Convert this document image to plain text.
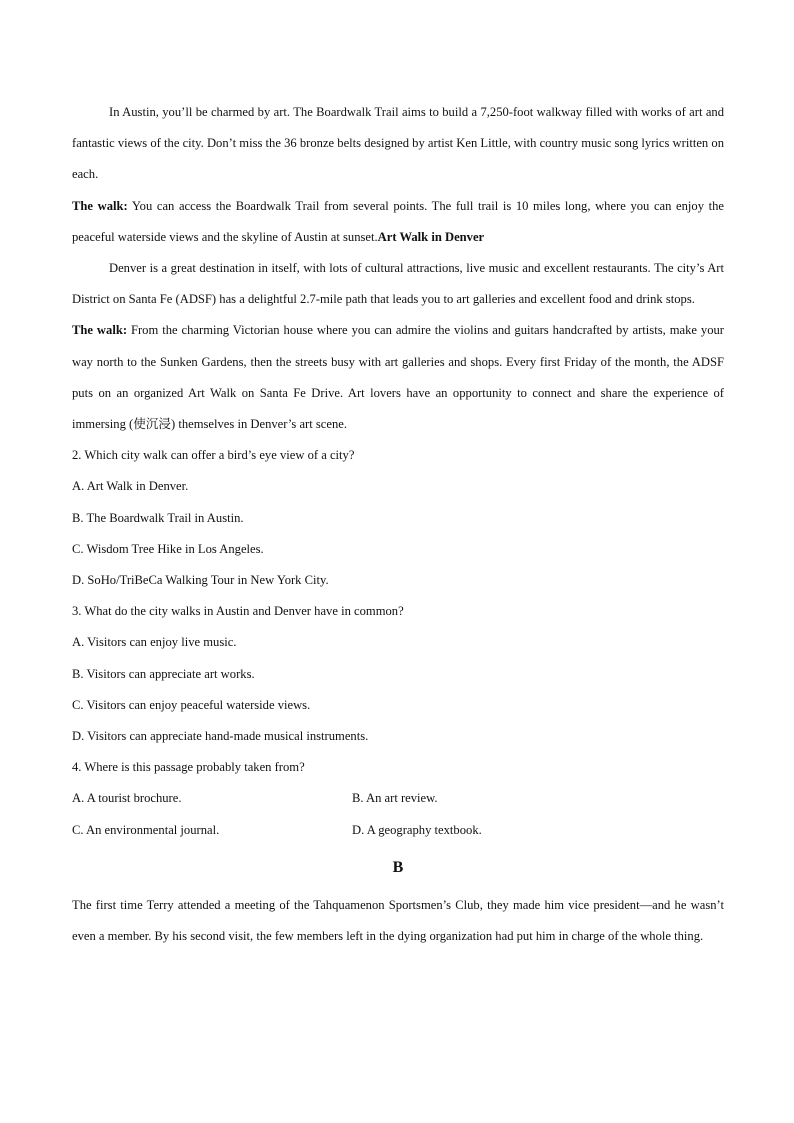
In Austin, you’ll be charmed by art. The Boardwalk Trail aims to build a 7,250-foot walkway filled with works of art and fantastic views of the city. Don’t miss the 36 bronze belts designed by artist Ken Little, with country music song lyrics written on each.

The walk: You can access the Boardwalk Trail from several points. The full trail is 10 miles long, where you can enjoy the peaceful waterside views and the skyline of Austin at sunset.Art Walk in Denver

Denver is a great destination in itself, with lots of cultural attractions, live music and excellent restaurants. The city’s Art District on Santa Fe (ADSF) has a delightful 2.7-mile path that leads you to art galleries and excellent food and drink stops.

The walk: From the charming Victorian house where you can admire the violins and guitars handcrafted by artists, make your way north to the Sunken Gardens, then the streets busy with art galleries and shops. Every first Friday of the month, the ADSF puts on an organized Art Walk on Santa Fe Drive. Art lovers have an opportunity to connect and share the experience of immersing (使沉浸) themselves in Denver’s art scene.

2. Which city walk can offer a bird’s eye view of a city?

A. Art Walk in Denver.

B. The Boardwalk Trail in Austin.

C. Wisdom Tree Hike in Los Angeles.

D. SoHo/TriBeCa Walking Tour in New York City.

3. What do the city walks in Austin and Denver have in common?

A. Visitors can enjoy live music.

B. Visitors can appreciate art works.

C. Visitors can enjoy peaceful waterside views.

D. Visitors can appreciate hand-made musical instruments.

4. Where is this passage probably taken from?

A. A tourist brochure.	B. An art review.
C. An environmental journal.	D. A geography textbook.

B

The first time Terry attended a meeting of the Tahquamenon Sportsmen’s Club, they made him vice president—and he wasn’t even a member. By his second visit, the few members left in the dying organization had put him in charge of the whole thing.
